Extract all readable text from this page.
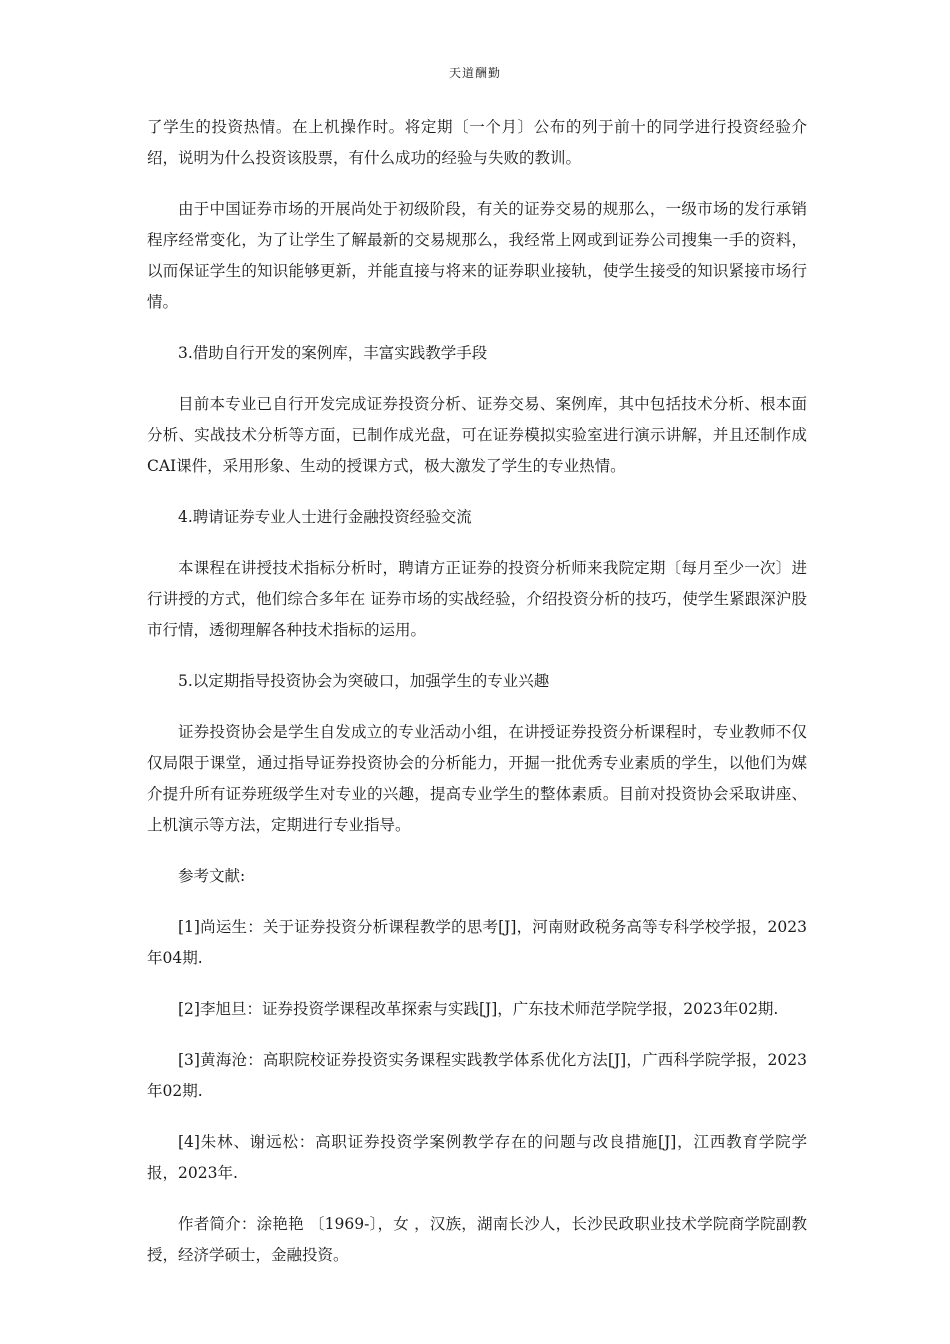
天道酬勤

了学生的投资热情。在上机操作时。将定期〔一个月〕公布的列于前十的同学进行投资经验介绍，说明为什么投资该股票，有什么成功的经验与失败的教训。

由于中国证券市场的开展尚处于初级阶段，有关的证券交易的规那么，一级市场的发行承销程序经常变化，为了让学生了解最新的交易规那么，我经常上网或到证券公司搜集一手的资料，以而保证学生的知识能够更新，并能直接与将来的证券职业接轨，使学生接受的知识紧接市场行情。

3.借助自行开发的案例库，丰富实践教学手段

目前本专业已自行开发完成证券投资分析、证券交易、案例库，其中包括技术分析、根本面分析、实战技术分析等方面，已制作成光盘，可在证券模拟实验室进行演示讲解，并且还制作成CAI课件，采用形象、生动的授课方式，极大激发了学生的专业热情。

4.聘请证券专业人士进行金融投资经验交流

本课程在讲授技术指标分析时，聘请方正证券的投资分析师来我院定期〔每月至少一次〕进行讲授的方式，他们综合多年在 证券市场的实战经验，介绍投资分析的技巧，使学生紧跟深沪股市行情，透彻理解各种技术指标的运用。

5.以定期指导投资协会为突破口，加强学生的专业兴趣

证券投资协会是学生自发成立的专业活动小组，在讲授证券投资分析课程时，专业教师不仅仅局限于课堂，通过指导证券投资协会的分析能力，开掘一批优秀专业素质的学生，以他们为媒介提升所有证券班级学生对专业的兴趣，提高专业学生的整体素质。目前对投资协会采取讲座、上机演示等方法，定期进行专业指导。

参考文献:

[1]尚运生：关于证券投资分析课程教学的思考[J]，河南财政税务高等专科学校学报，2023年04期.

[2]李旭旦：证券投资学课程改革探索与实践[J]，广东技术师范学院学报，2023年02期.

[3]黄海沧：高职院校证券投资实务课程实践教学体系优化方法[J]，广西科学院学报，2023年02期.

[4]朱林、谢远松：高职证券投资学案例教学存在的问题与改良措施[J]，江西教育学院学报，2023年.

作者简介：涂艳艳 〔1969-〕，女 ，汉族，湖南长沙人，长沙民政职业技术学院商学院副教授，经济学硕士，金融投资。
